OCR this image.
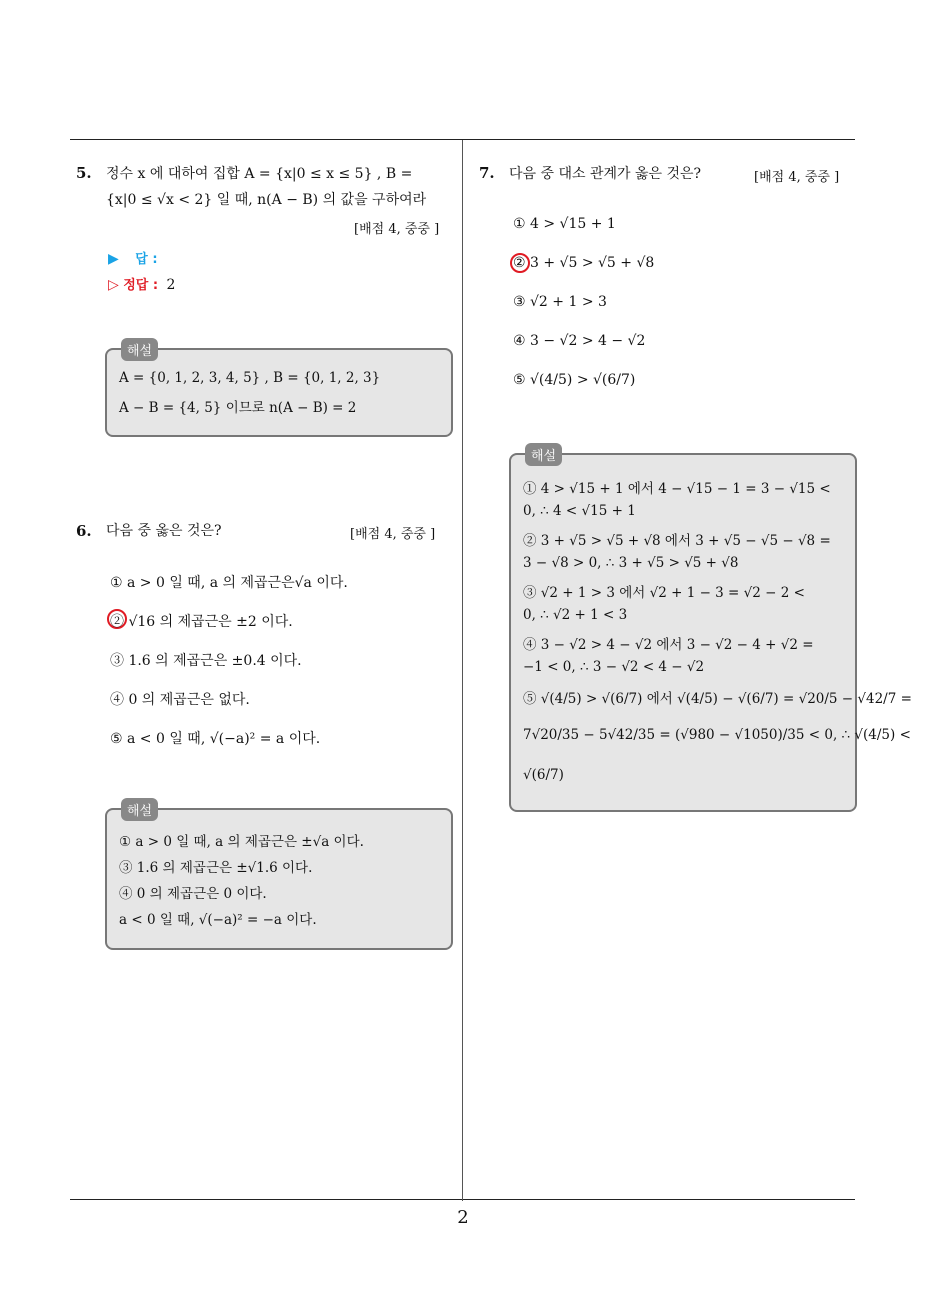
5. 정수 x 에 대하여 집합 A = {x|0 ≤ x ≤ 5} , B =
{x|0 ≤ √x < 2} 일 때, n(A − B) 의 값을 구하여라
[배점 4, 중중 ]
▶ 답 :
▷ 정답 : 2
해설
A = {0, 1, 2, 3, 4, 5} , B = {0, 1, 2, 3}
A − B = {4, 5} 이므로 n(A − B) = 2
6. 다음 중 옳은 것은?	[배점 4, 중중 ]
① a > 0 일 때, a 의 제곱근은√a 이다.
② √16 의 제곱근은 ±2 이다.
③ 1.6 의 제곱근은 ±0.4 이다.
④ 0 의 제곱근은 없다.
⑤ a < 0 일 때, √(−a)² = a 이다.
해설
① a > 0 일 때, a 의 제곱근은 ±√a 이다.
③ 1.6 의 제곱근은 ±√1.6 이다.
④ 0 의 제곱근은 0 이다.
a < 0 일 때, √(−a)² = −a 이다.
7. 다음 중 대소 관계가 옳은 것은?	[배점 4, 중중 ]
① 4 > √15 + 1
② 3 + √5 > √5 + √8
③ √2 + 1 > 3
④ 3 − √2 > 4 − √2
⑤ √(4/5) > √(6/7)
해설
① 4 > √15 + 1 에서 4 − √15 − 1 = 3 − √15 <
0, ∴ 4 < √15 + 1
② 3 + √5 > √5 + √8 에서 3 + √5 − √5 − √8 =
3 − √8 > 0, ∴ 3 + √5 > √5 + √8
③ √2 + 1 > 3 에서 √2 + 1 − 3 = √2 − 2 <
0, ∴ √2 + 1 < 3
④ 3 − √2 > 4 − √2 에서 3 − √2 − 4 + √2 =
−1 < 0, ∴ 3 − √2 < 4 − √2
⑤ √(4/5) > √(6/7) 에서 √(4/5) − √(6/7) = √20/5 − √42/7 =
7√20/35 − 5√42/35 = (√980 − √1050)/35 < 0, ∴ √(4/5) <
√(6/7)
2
